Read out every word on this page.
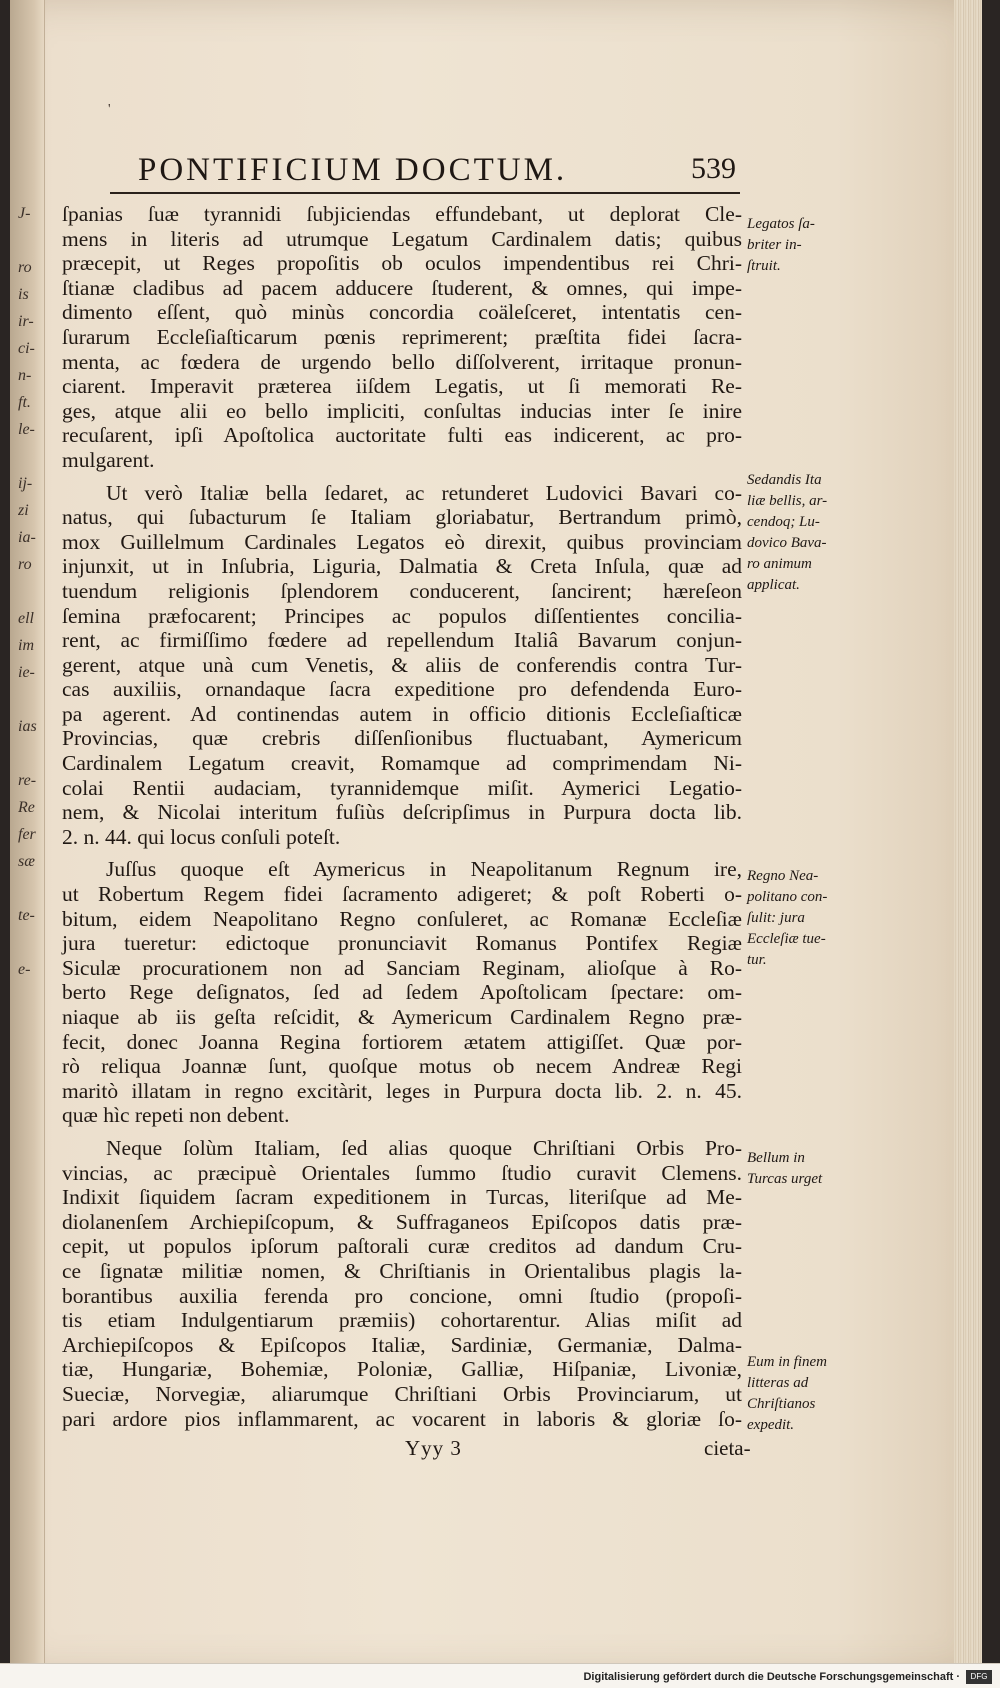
J-
ro
is
ir-
ci-
n-
ft.
le-
ij-
zi
ia-
ro
ell
im
ie-
ias
re-
Re
fer
sæ
te-
e-
'
PONTIFICIUM DOCTUM.	539
ſpanias ſuæ tyrannidi ſubjiciendas effundebant, ut deplorat Cle-
mens in literis ad utrumque Legatum Cardinalem datis; quibus
præcepit, ut Reges propoſitis ob oculos impendentibus rei Chri-
ſtianæ cladibus ad pacem adducere ſtuderent, & omnes, qui impe-
dimento eſſent, quò minùs concordia coäleſceret, intentatis cen-
ſurarum Eccleſiaſticarum pœnis reprimerent; præſtita fidei ſacra-
menta, ac fœdera de urgendo bello diſſolverent, irritaque pronun-
ciarent. Imperavit præterea iiſdem Legatis, ut ſi memorati Re-
ges, atque alii eo bello impliciti, conſultas inducias inter ſe inire
recuſarent, ipſi Apoſtolica auctoritate fulti eas indicerent, ac pro-
mulgarent.
Ut verò Italiæ bella ſedaret, ac retunderet Ludovici Bavari co-
natus, qui ſubacturum ſe Italiam gloriabatur, Bertrandum primò,
mox Guillelmum Cardinales Legatos eò direxit, quibus provinciam
injunxit, ut in Inſubria, Liguria, Dalmatia & Creta Inſula, quæ ad
tuendum religionis ſplendorem conducerent, ſancirent; hæreſeon
ſemina præfocarent; Principes ac populos diſſentientes concilia-
rent, ac firmiſſimo fœdere ad repellendum Italiâ Bavarum conjun-
gerent, atque unà cum Venetis, & aliis de conferendis contra Tur-
cas auxiliis, ornandaque ſacra expeditione pro defendenda Euro-
pa agerent. Ad continendas autem in officio ditionis Eccleſiaſticæ
Provincias, quæ crebris diſſenſionibus fluctuabant, Aymericum
Cardinalem Legatum creavit, Romamque ad comprimendam Ni-
colai Rentii audaciam, tyrannidemque miſit. Aymerici Legatio-
nem, & Nicolai interitum fuſiùs deſcripſimus in Purpura docta lib.
2. n. 44. qui locus conſuli poteſt.
Juſſus quoque eſt Aymericus in Neapolitanum Regnum ire,
ut Robertum Regem fidei ſacramento adigeret; & poſt Roberti o-
bitum, eidem Neapolitano Regno conſuleret, ac Romanæ Eccleſiæ
jura tueretur: edictoque pronunciavit Romanus Pontifex Regiæ
Siculæ procurationem non ad Sanciam Reginam, alioſque à Ro-
berto Rege deſignatos, ſed ad ſedem Apoſtolicam ſpectare: om-
niaque ab iis geſta reſcidit, & Aymericum Cardinalem Regno præ-
fecit, donec Joanna Regina fortiorem ætatem attigiſſet. Quæ por-
rò reliqua Joannæ ſunt, quoſque motus ob necem Andreæ Regi
maritò illatam in regno excitàrit, leges in Purpura docta lib. 2. n. 45.
quæ hìc repeti non debent.
Neque ſolùm Italiam, ſed alias quoque Chriſtiani Orbis Pro-
vincias, ac præcipuè Orientales ſummo ſtudio curavit Clemens.
Indixit ſiquidem ſacram expeditionem in Turcas, literiſque ad Me-
diolanenſem Archiepiſcopum, & Suffraganeos Epiſcopos datis præ-
cepit, ut populos ipſorum paſtorali curæ creditos ad dandum Cru-
ce ſignatæ militiæ nomen, & Chriſtianis in Orientalibus plagis la-
borantibus auxilia ferenda pro concione, omni ſtudio (propoſi-
tis etiam Indulgentiarum præmiis) cohortarentur. Alias miſit ad
Archiepiſcopos & Epiſcopos Italiæ, Sardiniæ, Germaniæ, Dalma-
tiæ, Hungariæ, Bohemiæ, Poloniæ, Galliæ, Hiſpaniæ, Livoniæ,
Sueciæ, Norvegiæ, aliarumque Chriſtiani Orbis Provinciarum, ut
pari ardore pios inflammarent, ac vocarent in laboris & gloriæ ſo-
Legatos ſa-
briter in-
ſtruit.
Sedandis Ita
liæ bellis, ar-
cendoq; Lu-
dovico Bava-
ro animum
applicat.
Regno Nea-
politano con-
ſulit: jura
Eccleſiæ tue-
tur.
Bellum in
Turcas urget
Eum in finem
litteras ad
Chriſtianos
expedit.
Yyy 3	cieta-
Digitalisierung gefördert durch die Deutsche Forschungsgemeinschaft ·	DFG
